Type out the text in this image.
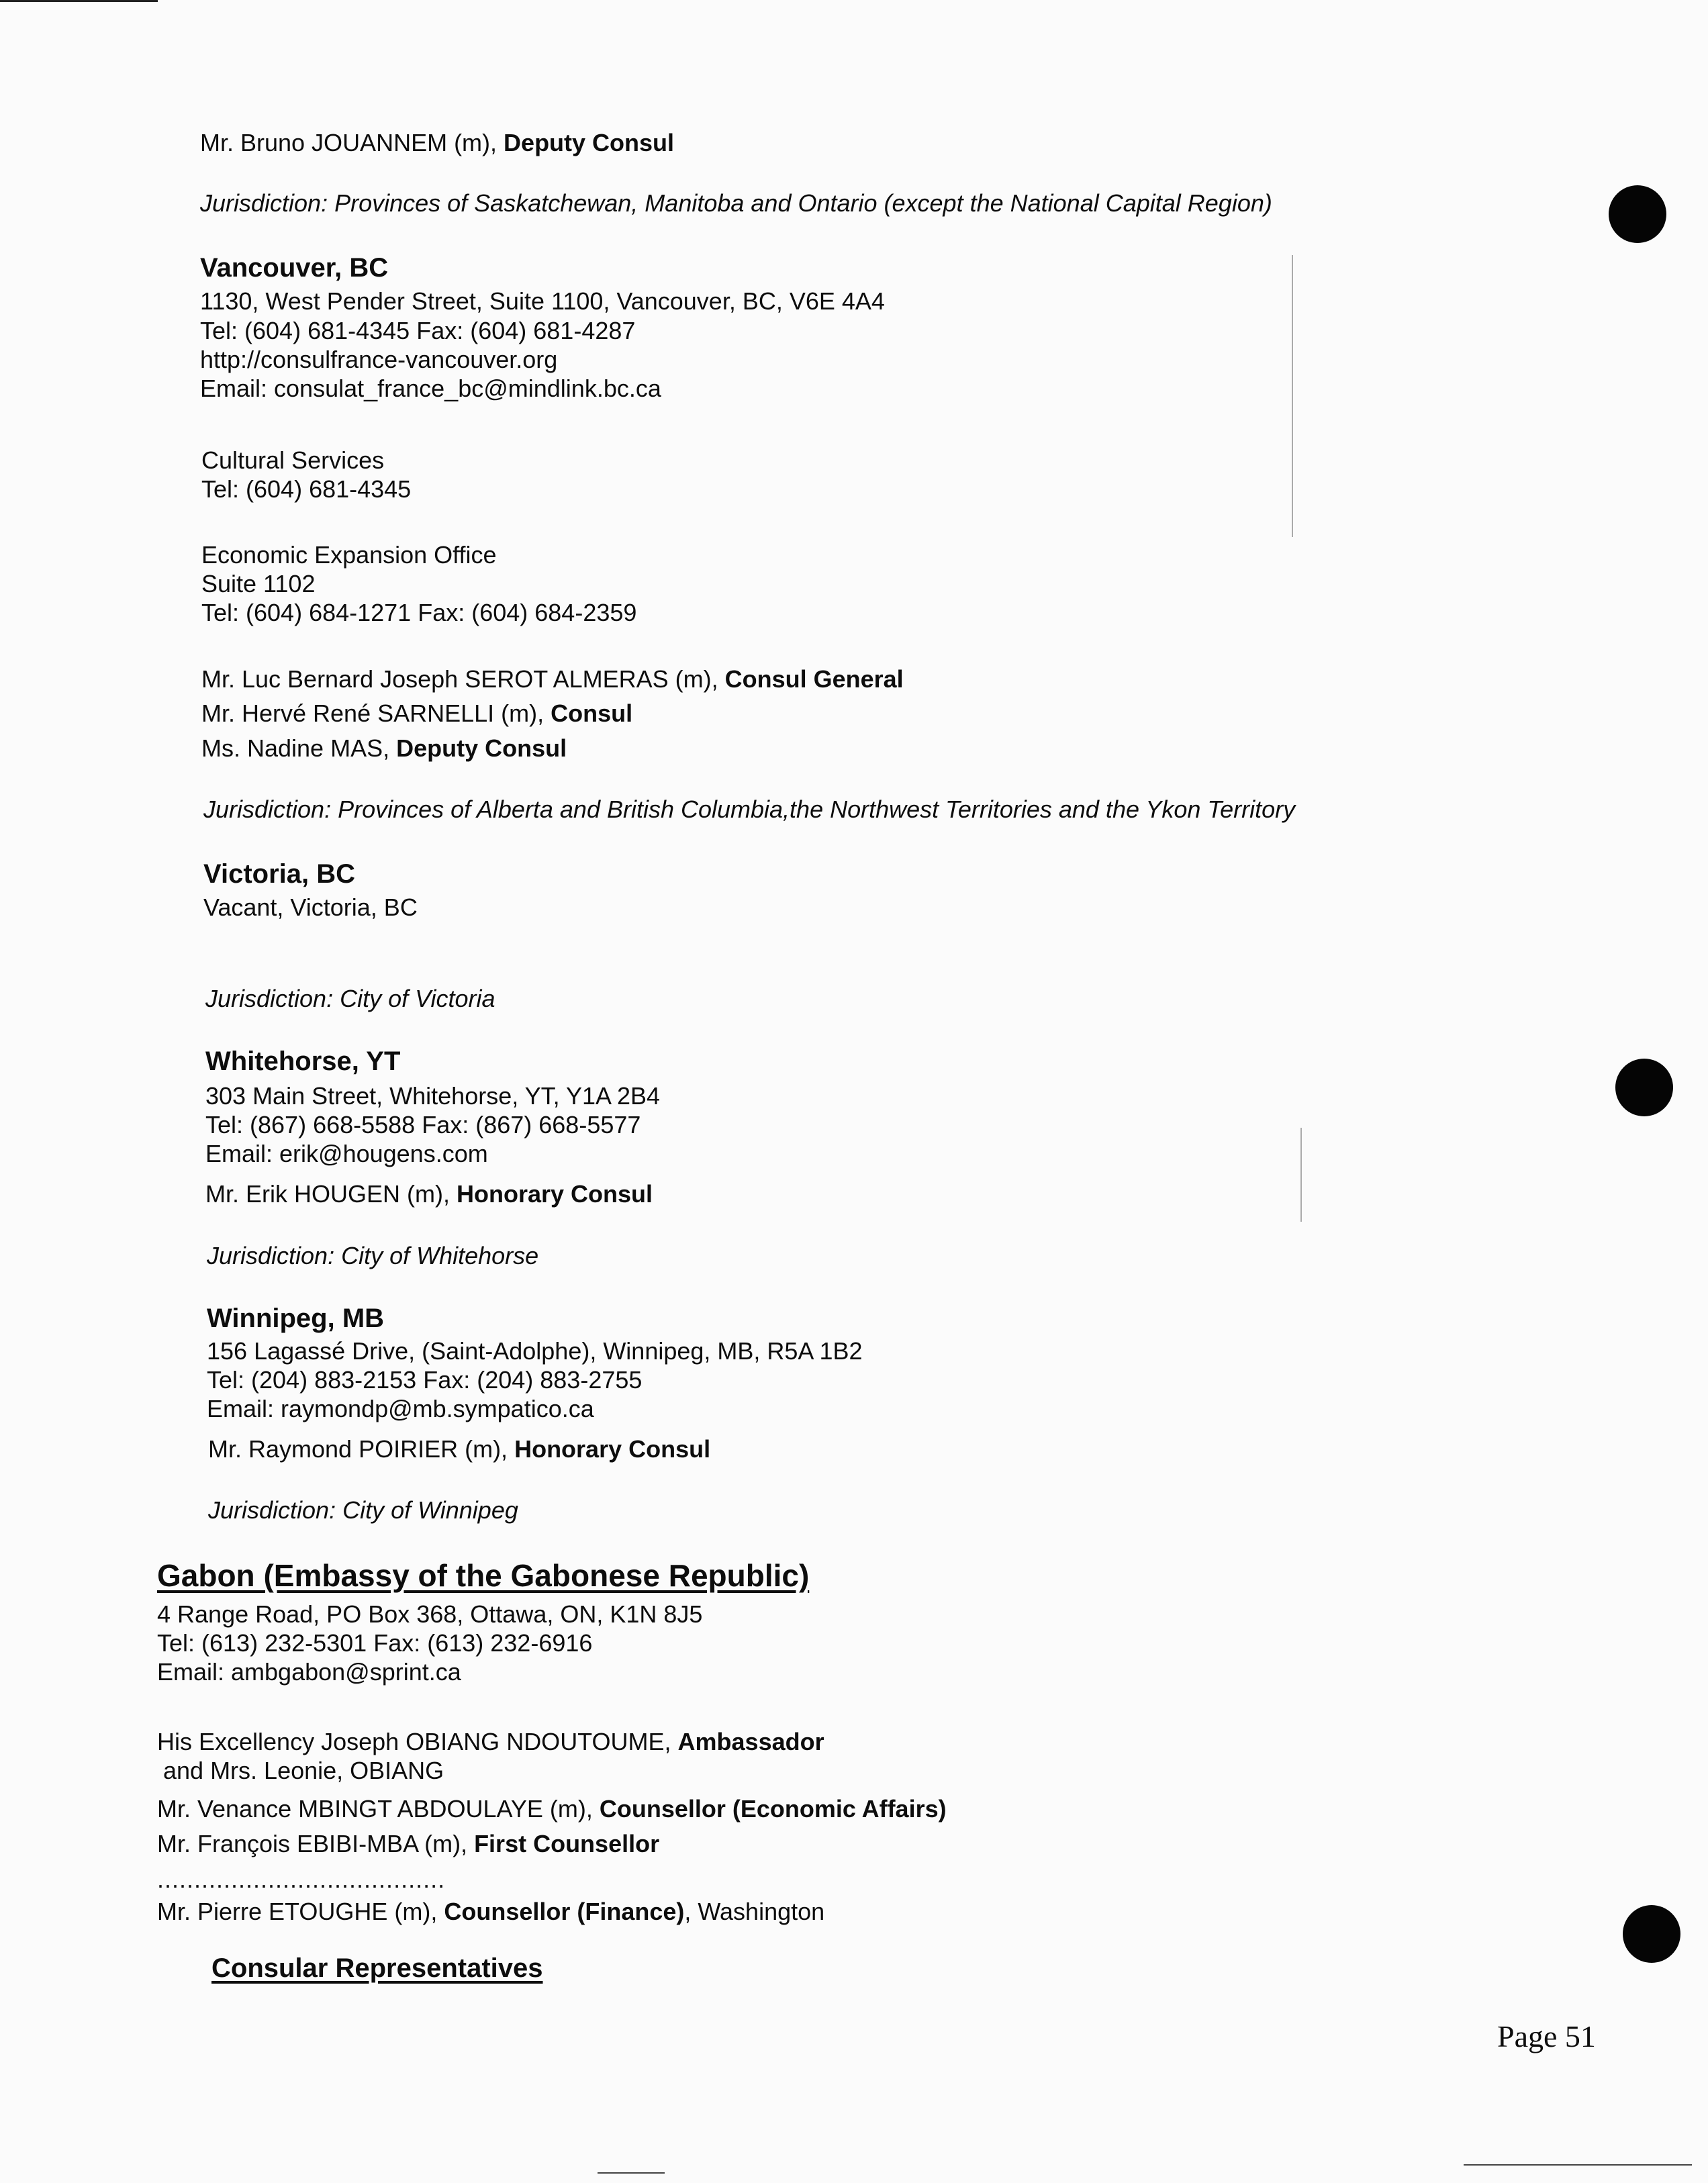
Mr. Bruno JOUANNEM (m), Deputy Consul
Jurisdiction: Provinces of Saskatchewan, Manitoba and Ontario (except the National Capital Region)
Vancouver, BC
1130, West Pender Street, Suite 1100, Vancouver, BC, V6E 4A4
Tel: (604) 681-4345 Fax: (604) 681-4287
http://consulfrance-vancouver.org
Email: consulat_france_bc@mindlink.bc.ca
Cultural Services
Tel: (604) 681-4345
Economic Expansion Office
Suite 1102
Tel: (604) 684-1271 Fax: (604) 684-2359
Mr. Luc Bernard Joseph SEROT ALMERAS (m), Consul General
Mr. Hervé René SARNELLI (m), Consul
Ms. Nadine MAS, Deputy Consul
Jurisdiction: Provinces of Alberta and British Columbia,the Northwest Territories and the Ykon Territory
Victoria, BC
Vacant, Victoria, BC
Jurisdiction: City of Victoria
Whitehorse, YT
303 Main Street, Whitehorse, YT, Y1A 2B4
Tel: (867) 668-5588 Fax: (867) 668-5577
Email: erik@hougens.com
Mr. Erik HOUGEN (m), Honorary Consul
Jurisdiction: City of Whitehorse
Winnipeg, MB
156 Lagassé Drive, (Saint-Adolphe), Winnipeg, MB, R5A 1B2
Tel: (204) 883-2153 Fax: (204) 883-2755
Email: raymondp@mb.sympatico.ca
Mr. Raymond POIRIER (m), Honorary Consul
Jurisdiction: City of Winnipeg
Gabon (Embassy of the Gabonese Republic)
4 Range Road, PO Box 368, Ottawa, ON, K1N 8J5
Tel: (613) 232-5301 Fax: (613) 232-6916
Email: ambgabon@sprint.ca
His Excellency Joseph OBIANG NDOUTOUME, Ambassador
and Mrs. Leonie, OBIANG
Mr. Venance MBINGT ABDOULAYE (m), Counsellor (Economic Affairs)
Mr. François EBIBI-MBA (m), First Counsellor
.......................................
Mr. Pierre ETOUGHE (m), Counsellor (Finance), Washington
Consular Representatives
Page 51
